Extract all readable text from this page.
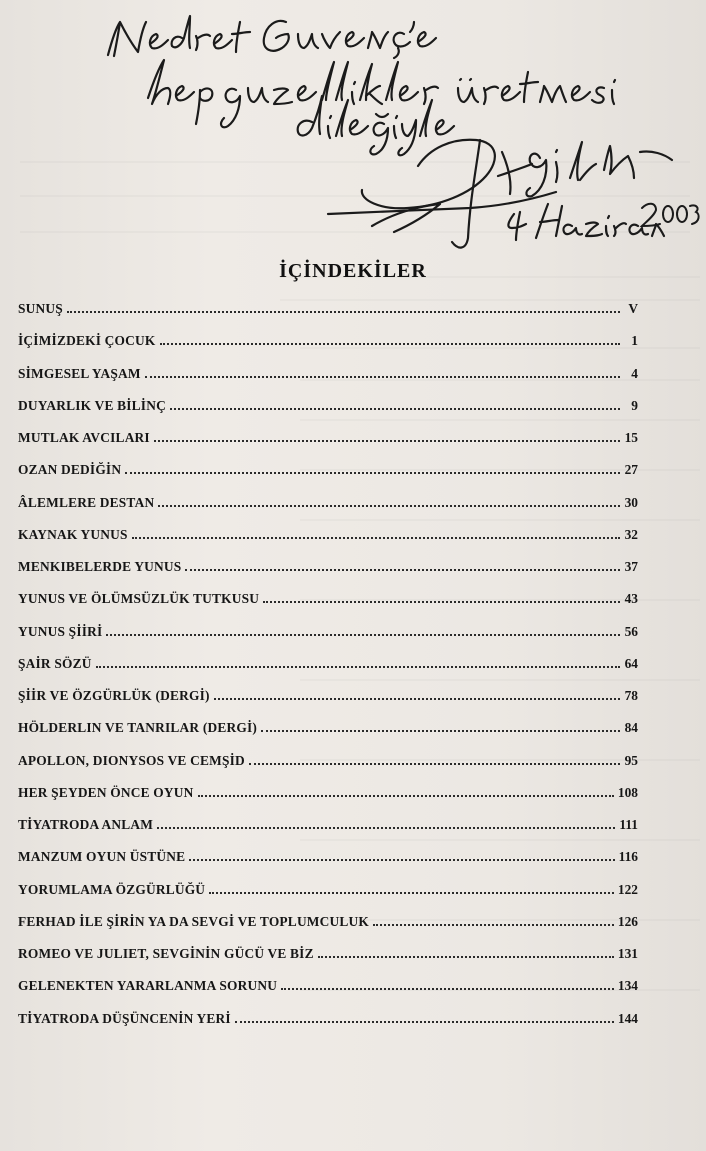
İÇİNDEKİLER
SUNUŞ	V
İÇİMİZDEKİ ÇOCUK	1
SİMGESEL YAŞAM	4
DUYARLIK VE BİLİNÇ	9
MUTLAK AVCILARI	15
OZAN DEDİĞİN	27
ÂLEMLERE DESTAN	30
KAYNAK YUNUS	32
MENKIBELERDE YUNUS	37
YUNUS VE ÖLÜMSÜZLÜK TUTKUSU	43
YUNUS ŞİİRİ	56
ŞAİR SÖZÜ	64
ŞİİR VE ÖZGÜRLÜK (DERGİ)	78
HÖLDERLIN VE TANRILAR (DERGİ)	84
APOLLON, DIONYSOS VE CEMŞİD	95
HER ŞEYDEN ÖNCE OYUN	108
TİYATRODA ANLAM	111
MANZUM OYUN ÜSTÜNE	116
YORUMLAMA ÖZGÜRLÜĞÜ	122
FERHAD İLE ŞİRİN YA DA SEVGİ VE TOPLUMCULUK	126
ROMEO VE JULIET, SEVGİNİN GÜCÜ VE BİZ	131
GELENEKTEN YARARLANMA SORUNU	134
TİYATRODA DÜŞÜNCENİN YERİ	144
